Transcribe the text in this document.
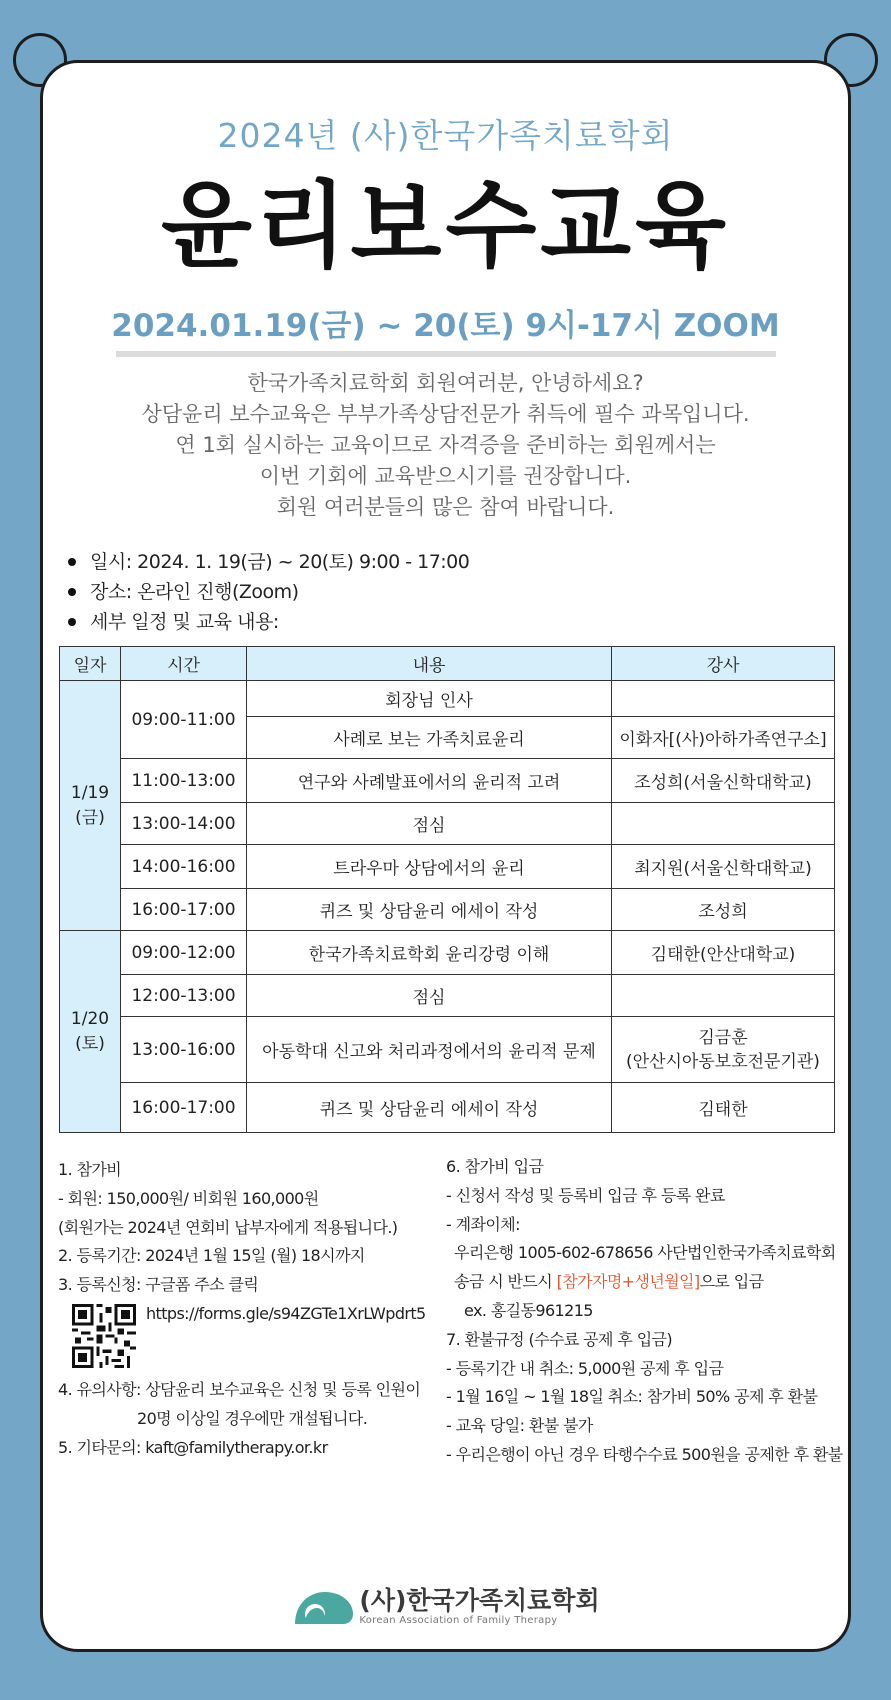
2024년 (사)한국가족치료학회
윤리보수교육
2024.01.19(금) ~ 20(토) 9시-17시 ZOOM
한국가족치료학회 회원여러분, 안녕하세요?
상담윤리 보수교육은 부부가족상담전문가 취득에 필수 과목입니다.
연 1회 실시하는 교육이므로 자격증을 준비하는 회원께서는
이번 기회에 교육받으시기를 권장합니다.
회원 여러분들의 많은 참여 바랍니다.
일시: 2024. 1. 19(금) ~ 20(토) 9:00 - 17:00
장소: 온라인 진행(Zoom)
세부 일정 및 교육 내용:
일자	시간	내용	강사
1/19
(금)	09:00-11:00	회장님 인사	
		사례로 보는 가족치료윤리	이화자[(사)아하가족연구소]
	11:00-13:00	연구와 사례발표에서의 윤리적 고려	조성희(서울신학대학교)
	13:00-14:00	점심	
	14:00-16:00	트라우마 상담에서의 윤리	최지원(서울신학대학교)
	16:00-17:00	퀴즈 및 상담윤리 에세이 작성	조성희
1/20
(토)	09:00-12:00	한국가족치료학회 윤리강령 이해	김태한(안산대학교)
	12:00-13:00	점심	
	13:00-16:00	아동학대 신고와 처리과정에서의 윤리적 문제	김금훈
(안산시아동보호전문기관)
	16:00-17:00	퀴즈 및 상담윤리 에세이 작성	김태한
1. 참가비
- 회원: 150,000원/ 비회원 160,000원
(회원가는 2024년 연회비 납부자에게 적용됩니다.)
2. 등록기간: 2024년 1월 15일 (월) 18시까지
3. 등록신청: 구글폼 주소 클릭
https://forms.gle/s94ZGTe1XrLWpdrt5
4. 유의사항: 상담윤리 보수교육은 신청 및 등록 인원이
20명 이상일 경우에만 개설됩니다.
5. 기타문의: kaft@familytherapy.or.kr
6. 참가비 입금
- 신청서 작성 및 등록비 입금 후 등록 완료
- 계좌이체:
우리은행 1005-602-678656 사단법인한국가족치료학회
송금 시 반드시 [참가자명+생년월일]으로 입금
ex. 홍길동961215
7. 환불규정 (수수료 공제 후 입금)
- 등록기간 내 취소: 5,000원 공제 후 입금
- 1월 16일 ~ 1월 18일 취소: 참가비 50% 공제 후 환불
- 교육 당일: 환불 불가
- 우리은행이 아닌 경우 타행수수료 500원을 공제한 후 환불
(사)한국가족치료학회
Korean Association of Family Therapy
